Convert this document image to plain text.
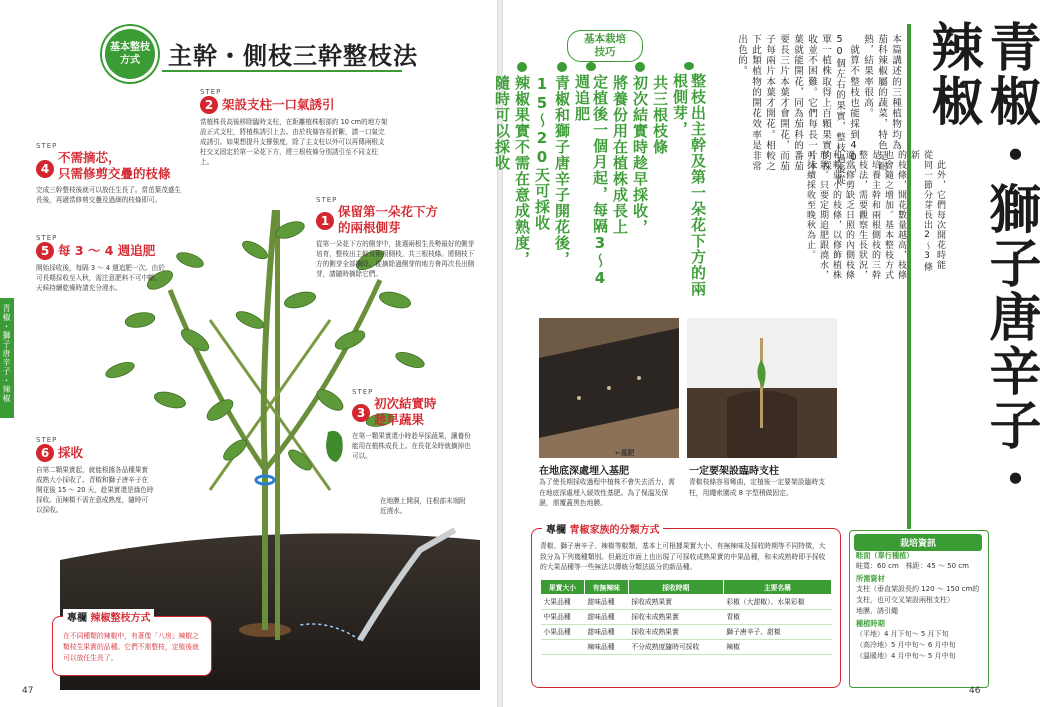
基本整枝方式	主幹・側枝三幹整枝法
青椒・獅子唐辛子・辣椒
STEP
2 架設支柱一口氣誘引
當植株長高後移除臨時支柱，在距離植株根部約 10 cm的地方架設正式支柱，將植株誘引上去。由於枝條容易折斷，請一口氣完成誘引。如果想提升支撐強度，除了主支柱以外可以再傳兩根支柱交叉固定於第一朵花下方，將三根枝條分別誘引至不同支柱上。
STEP
4
不需摘芯，
只需修剪交疊的枝條
完成三幹整枝後就可以放任生長了。當茁葉茂盛生長後，再適當修剪交疊及過細的枝條即可。	STEP
1
保留第一朵花下方
的兩根側芽
從第一朵花下方的側芽中，挑選兩根生長勢最好的側芽培育，整枝出主幹及兩根側枝，共三根枝條。將側枝下方的側芽全部摘除。從摘除過側芽的地方會再次長出側芽，請隨時摘除它們。
STEP
5 每 3 ～ 4 週追肥
開始採收後，每隔 3 ～ 4 週追肥一次。由於可長期採收至入秋，需注意肥料不可中斷。天候持續乾燥時請充分澆水。
STEP
3
初次結實時
趁早蔬果
在第一顆果實還小時趁早採蔬果，讓養份能用在植株成長上。在長花朵時就摘掉也可以。
STEP
6 採收
自第二顆果實起，就能根據各品種果實成熟大小採收了。青椒和獅子唐辛子在開花後 15 ～ 20 天，趁果實還是綠色時採收。而辣椒不需在意成熟度，隨時可以採收。
在地膜上開洞，往根部末端附近澆水。
專欄 辣椒整枝方式
在不同種類的辣椒中，有著像「八房」辣椒之類枝生果實的品種。它們不需整枝，定植後就可以放任生長了。
47
青椒・獅子唐辛子・辣椒
本篇講述的三種植物均為
茄科辣椒屬的蔬菜，特色是耐
熱，結果率很高。
　就算不整枝也能採到40～
50個左右的果實，整枝過後從
單一植株取得上百顆果實的採
收並不困難。它們每長一片本
葉就能開花，同為茄科的番茄
要長三片本葉才會開花，而茄
子每兩片本葉才開花。相較之
下此類植物的開花效率是非常
出色的。
　此外，它們每次開花時能
從同一節分芽長出2～3條新
的枝條，開花數量越高，枝條
也會隨之增加。基本整枝方式
是培養主幹和兩根側枝的三幹
整枝法，需要觀察生長狀況，
適當修剪缺乏日照的內側枝條
和較弱小的枝條，以修飾植株
形狀。只要定期追肥跟澆水，
可持續採收至晚秋為止。
基本栽培技巧
整枝出主幹及第一朵花下方的兩根側芽，
共三根枝條
初次結實時趁早採收，
將養份用在植株成長上
定植後一個月起，每隔3～4週追肥
青椒和獅子唐辛子開花後，
15～20天可採收
辣椒果實不需在意成熟度，
隨時可以採收
←基肥
在地底深處埋入基肥
為了使長期採收過程中植株不會失去活力，需在地底深處埋入緩效性基肥。為了保溫及保濕，需覆蓋黑色地膜。
一定要架設臨時支柱
青椒枝條容易彎曲，定植後一定要架設臨時支柱，用繩索圍成 8 字型稍做固定。
專欄 青椒家族的分類方式
青椒、獅子唐辛子、辣椒等椒類，基本上可根據果實大小、有無辣味及採收時期等不同特徵，大致分為下列幾種類別。但最近市面上也出現了可採收成熟果實的中果品種，和未成熟時即予採收的大果品種等一些無法以傳統分類法區分的新品種。
果實大小	有無辣味	採收時期	主要名稱
大果品種	甜味品種	採收成熟果實	彩椒（大甜椒）、水果彩椒
中果品種	甜味品種	採收未成熟果實	青椒
小果品種	甜味品種	採收未成熟果實	獅子唐辛子、甜椒
	辣味品種	不分成熟度隨時可採收	辣椒
栽培資訊
畦面（單行種植）
畦寬：60 cm　株距：45 ～ 50 cm
所需資材
支柱（垂直架設長約 120 ～ 150 cm的支柱，也可交叉架設兩根支柱）
地膜、誘引繩
種植時期
（平地）4 月下旬～ 5 月下旬
（高冷地）5 月中旬～ 6 月中旬
（溫暖地）4 月中旬～ 5 月中旬
46
